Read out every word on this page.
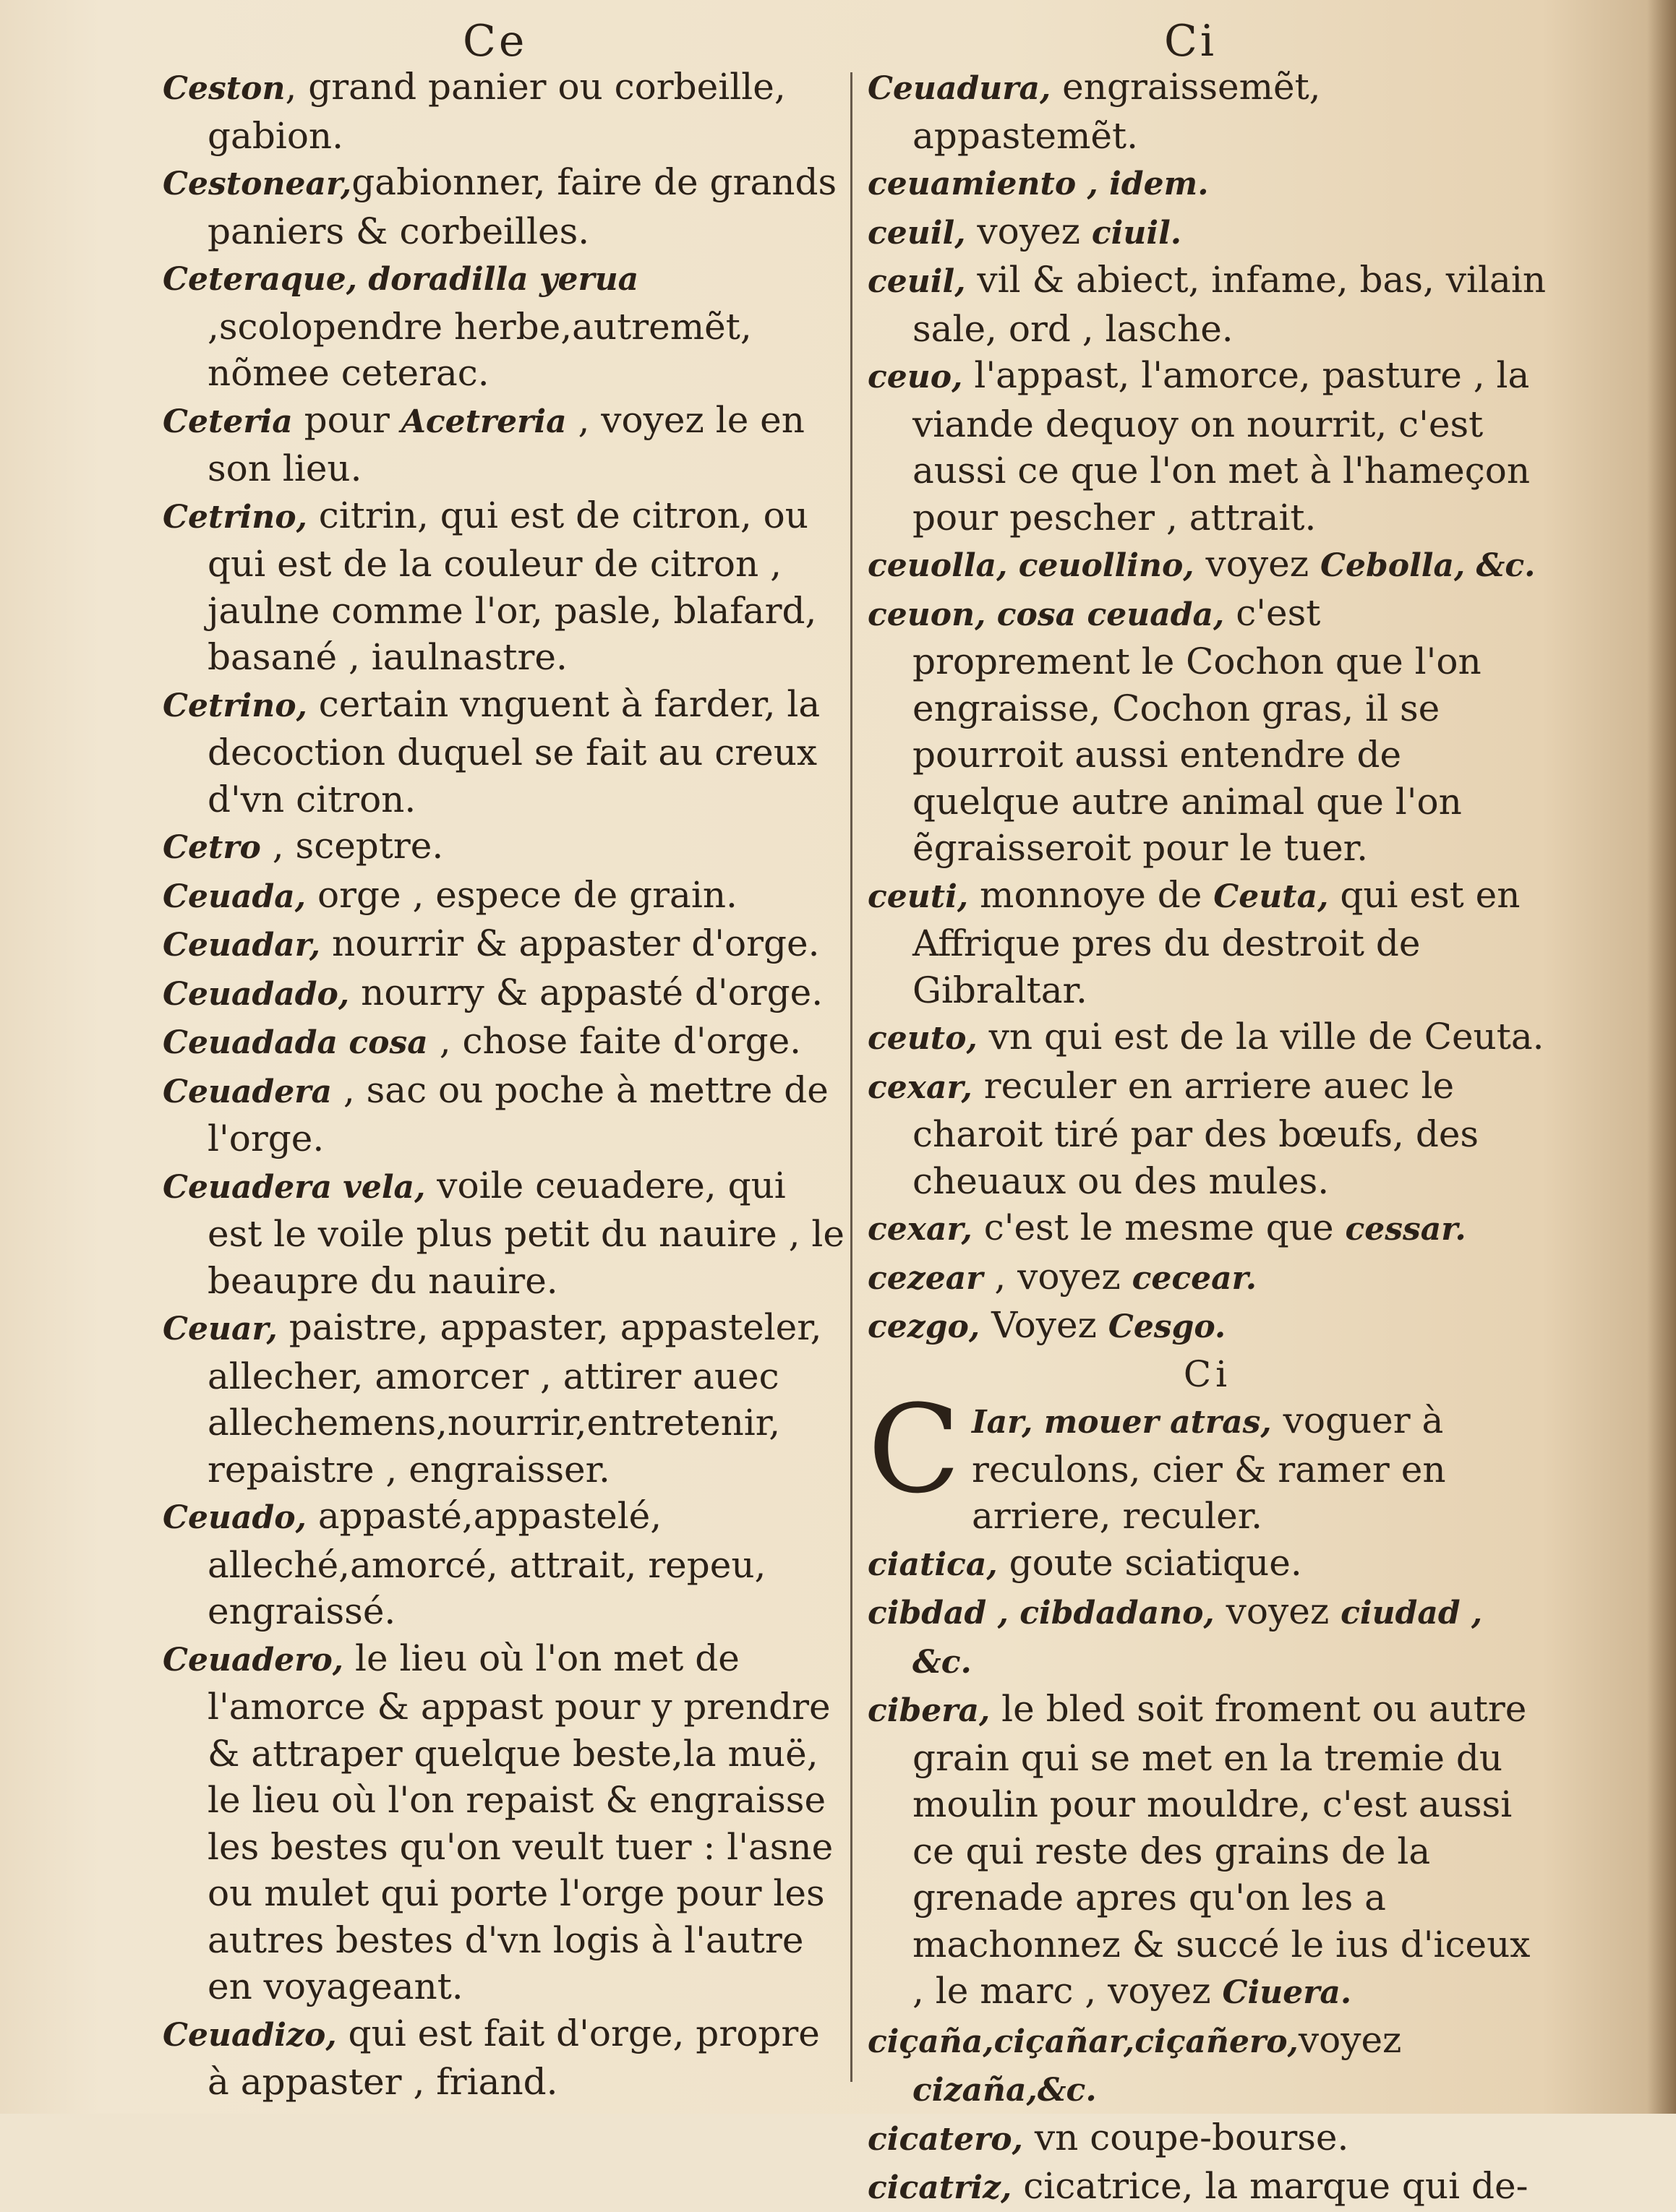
Ce	Ci

Ceston, grand panier ou corbeille, gabion.

Cestonear,gabionner, faire de grands paniers & corbeilles.

Ceteraque, doradilla yerua ,scolopendre herbe,autremẽt, nõmee ceterac.

Ceteria pour Acetreria , voyez le en son lieu.

Cetrino, citrin, qui est de citron, ou qui est de la couleur de citron , jaulne comme l'or, pasle, blafard, basané , iaulnastre.

Cetrino, certain vnguent à farder, la decoction duquel se fait au creux d'vn citron.

Cetro , sceptre.

Ceuada, orge , espece de grain.

Ceuadar, nourrir & appaster d'orge.

Ceuadado, nourry & appasté d'orge.

Ceuadada cosa , chose faite d'orge.

Ceuadera , sac ou poche à mettre de l'orge.

Ceuadera vela, voile ceuadere, qui est le voile plus petit du nauire , le beaupre du nauire.

Ceuar, paistre, appaster, appasteler, allecher, amorcer , attirer auec allechemens,nourrir,entretenir, repaistre , engraisser.

Ceuado, appasté,appastelé, alleché,amorcé, attrait, repeu, engraissé.

Ceuadero, le lieu où l'on met de l'amorce & appast pour y prendre & attraper quelque beste,la muë, le lieu où l'on repaist & engraisse les bestes qu'on veult tuer : l'asne ou mulet qui porte l'orge pour les autres bestes d'vn logis à l'autre en voyageant.

Ceuadizo, qui est fait d'orge, propre à appaster , friand.

Ceuadura, engraissemẽt, appastemẽt.

ceuamiento , idem.

ceuil, voyez ciuil.

ceuil, vil & abiect, infame, bas, vilain sale, ord , lasche.

ceuo, l'appast, l'amorce, pasture , la viande dequoy on nourrit, c'est aussi ce que l'on met à l'hameçon pour pescher , attrait.

ceuolla, ceuollino, voyez Cebolla, &c.

ceuon, cosa ceuada, c'est proprement le Cochon que l'on engraisse, Cochon gras, il se pourroit aussi entendre de quelque autre animal que l'on ẽgraisseroit pour le tuer.

ceuti, monnoye de Ceuta, qui est en Affrique pres du destroit de Gibraltar.

ceuto, vn qui est de la ville de Ceuta.

cexar, reculer en arriere auec le charoit tiré par des bœufs, des cheuaux ou des mules.

cexar, c'est le mesme que cessar.

cezear , voyez cecear.

cezgo, Voyez Cesgo.

Ci

C Iar, mouer atras, voguer à reculons, cier & ramer en arriere, reculer.

ciatica, goute sciatique.

cibdad , cibdadano, voyez ciudad , &c.

cibera, le bled soit froment ou autre grain qui se met en la tremie du moulin pour mouldre, c'est aussi ce qui reste des grains de la grenade apres qu'on les a machonnez & succé le ius d'iceux , le marc , voyez Ciuera.

ciçaña,ciçañar,ciçañero,voyez cizaña,&c.

cicatero, vn coupe-bourse.

cicatriz, cicatrice, la marque qui de-
